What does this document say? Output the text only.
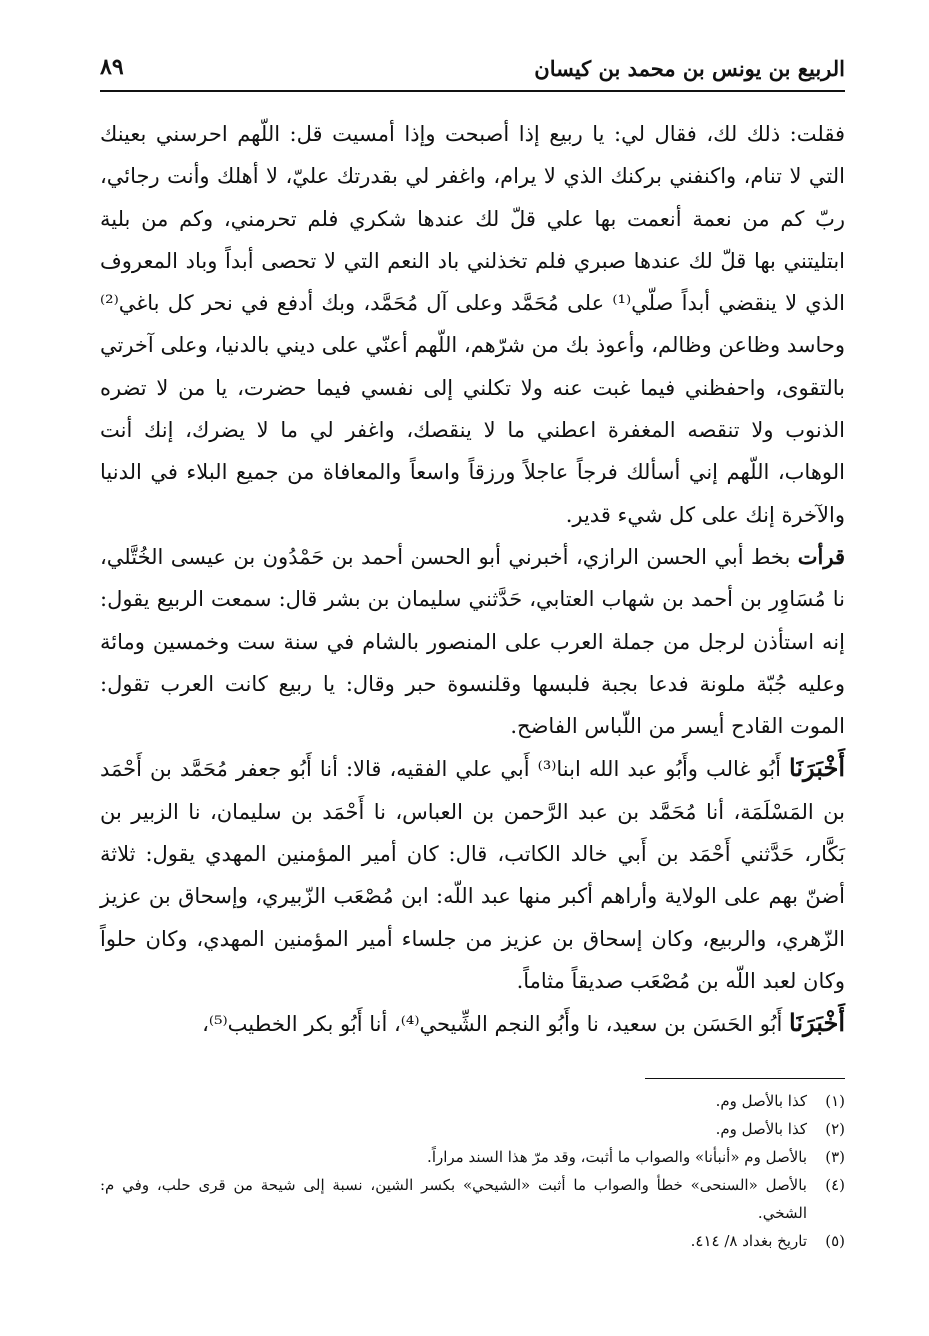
الربيع بن يونس بن محمد بن كيسان
٨٩

فقلت: ذلك لك، فقال لي: يا ربيع إذا أصبحت وإذا أمسيت قل: اللّهم احرسني بعينك التي لا تنام، واكنفني بركنك الذي لا يرام، واغفر لي بقدرتك عليّ، لا أهلك وأنت رجائي، ربّ كم من نعمة أنعمت بها علي قلّ لك عندها شكري فلم تحرمني، وكم من بلية ابتليتني بها قلّ لك عندها صبري فلم تخذلني باد النعم التي لا تحصى أبداً وباد المعروف الذي لا ينقضي أبداً صلّي⁽¹⁾ على مُحَمَّد وعلى آل مُحَمَّد، وبك أدفع في نحر كل باغي⁽²⁾ وحاسد وظاعن وظالم، وأعوذ بك من شرّهم، اللّهم أعنّي على ديني بالدنيا، وعلى آخرتي بالتقوى، واحفظني فيما غبت عنه ولا تكلني إلى نفسي فيما حضرت، يا من لا تضره الذنوب ولا تنقصه المغفرة اعطني ما لا ينقصك، واغفر لي ما لا يضرك، إنك أنت الوهاب، اللّهم إني أسألك فرجاً عاجلاً ورزقاً واسعاً والمعافاة من جميع البلاء في الدنيا والآخرة إنك على كل شيء قدير.

قرأت بخط أبي الحسن الرازي، أخبرني أبو الحسن أحمد بن حَمْدُون بن عيسى الخُتَّلي، نا مُسَاوِر بن أحمد بن شهاب العتابي، حَدَّثني سليمان بن بشر قال: سمعت الربيع يقول: إنه استأذن لرجل من جملة العرب على المنصور بالشام في سنة ست وخمسين ومائة وعليه جُبّة ملونة فدعا بجبة فلبسها وقلنسوة حبر وقال: يا ربيع كانت العرب تقول: الموت القادح أيسر من اللّباس الفاضح.

أَخْبَرَنَا أَبُو غالب وأَبُو عبد الله ابنا⁽³⁾ أَبي علي الفقيه، قالا: أنا أَبُو جعفر مُحَمَّد بن أَحْمَد بن المَسْلَمَة، أنا مُحَمَّد بن عبد الرَّحمن بن العباس، نا أَحْمَد بن سليمان، نا الزبير بن بَكَّار، حَدَّثني أَحْمَد بن أَبي خالد الكاتب، قال: كان أمير المؤمنين المهدي يقول: ثلاثة أضنّ بهم على الولاية وأراهم أكبر منها عبد اللّه: ابن مُصْعَب الزّبيري، وإسحاق بن عزيز الزّهري، والربيع، وكان إسحاق بن عزيز من جلساء أمير المؤمنين المهدي، وكان حلواً وكان لعبد اللّه بن مُصْعَب صديقاً مثاماً.

أَخْبَرَنَا أَبُو الحَسَن بن سعيد، نا وأَبُو النجم الشِّيحي⁽⁴⁾، أنا أَبُو بكر الخطيب⁽⁵⁾،

(١)
كذا بالأصل وم.
(٢)
كذا بالأصل وم.
(٣)
بالأصل وم «أنبأنا» والصواب ما أثبت، وقد مرّ هذا السند مراراً.
(٤)
بالأصل «السنحى» خطأ والصواب ما أثبت «الشيحي» بكسر الشين، نسبة إلى شيحة من قرى حلب، وفي م: الشخي.
(٥)
تاريخ بغداد ٨/ ٤١٤.
